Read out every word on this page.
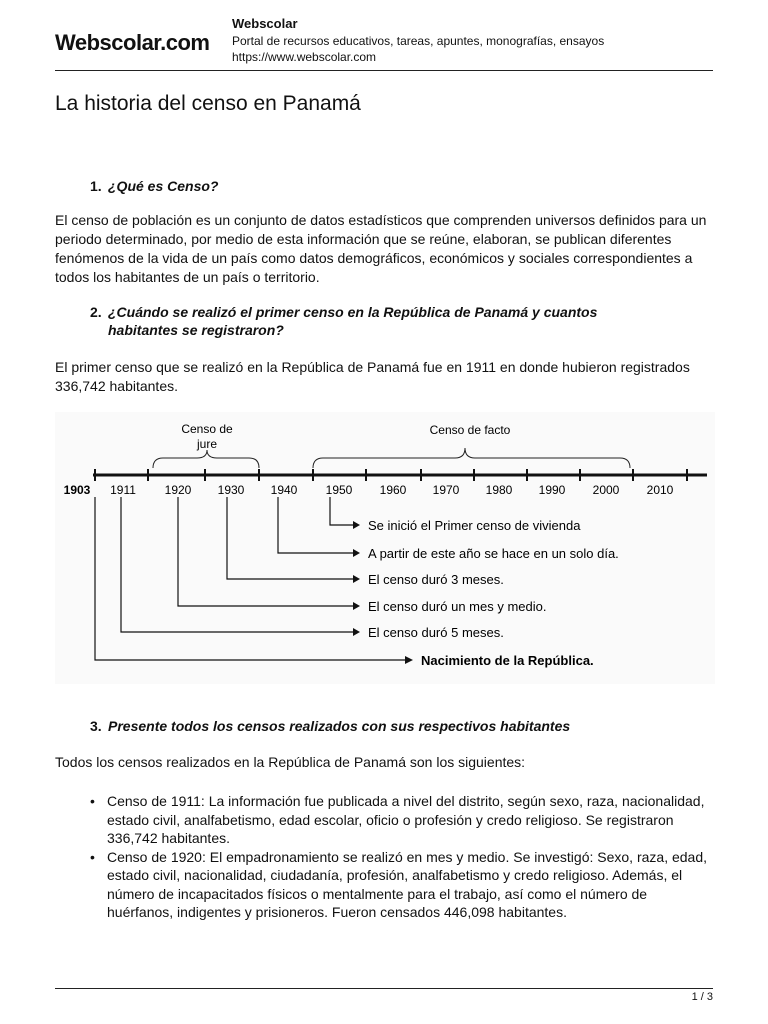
Webscolar.com
Webscolar
Portal de recursos educativos, tareas, apuntes, monografías, ensayos
https://www.webscolar.com
La historia del censo en Panamá
1. ¿Qué es Censo?

El censo de población es un conjunto de datos estadísticos que comprenden universos definidos para un periodo determinado, por medio de esta información que se reúne, elaboran, se publican diferentes fenómenos de la vida de un país como datos demográficos, económicos y sociales correspondientes a todos los habitantes de un país o territorio.

2. ¿Cuándo se realizó el primer censo en la República de Panamá y cuantos
habitantes se registraron?

El primer censo que se realizó en la República de Panamá fue en 1911 en donde hubieron registrados 336,742 habitantes.

Censo de
jure
Censo de facto
1903 1911 1920 1930 1940 1950 1960 1970 1980 1990 2000 2010
Se inició el Primer censo de vivienda
A partir de este año se hace en un solo día.
El censo duró 3 meses.
El censo duró un mes y medio.
El censo duró 5 meses.
Nacimiento de la República.
3. Presente todos los censos realizados con sus respectivos habitantes

Todos los censos realizados en la República de Panamá son los siguientes:

• Censo de 1911: La información fue publicada a nivel del distrito, según sexo, raza, nacionalidad, estado civil, analfabetismo, edad escolar, oficio o profesión y credo religioso. Se registraron 336,742 habitantes.
• Censo de 1920: El empadronamiento se realizó en mes y medio. Se investigó: Sexo, raza, edad, estado civil, nacionalidad, ciudadanía, profesión, analfabetismo y credo religioso. Además, el número de incapacitados físicos o mentalmente para el trabajo, así como el número de huérfanos, indigentes y prisioneros. Fueron censados 446,098 habitantes.
1 / 3
